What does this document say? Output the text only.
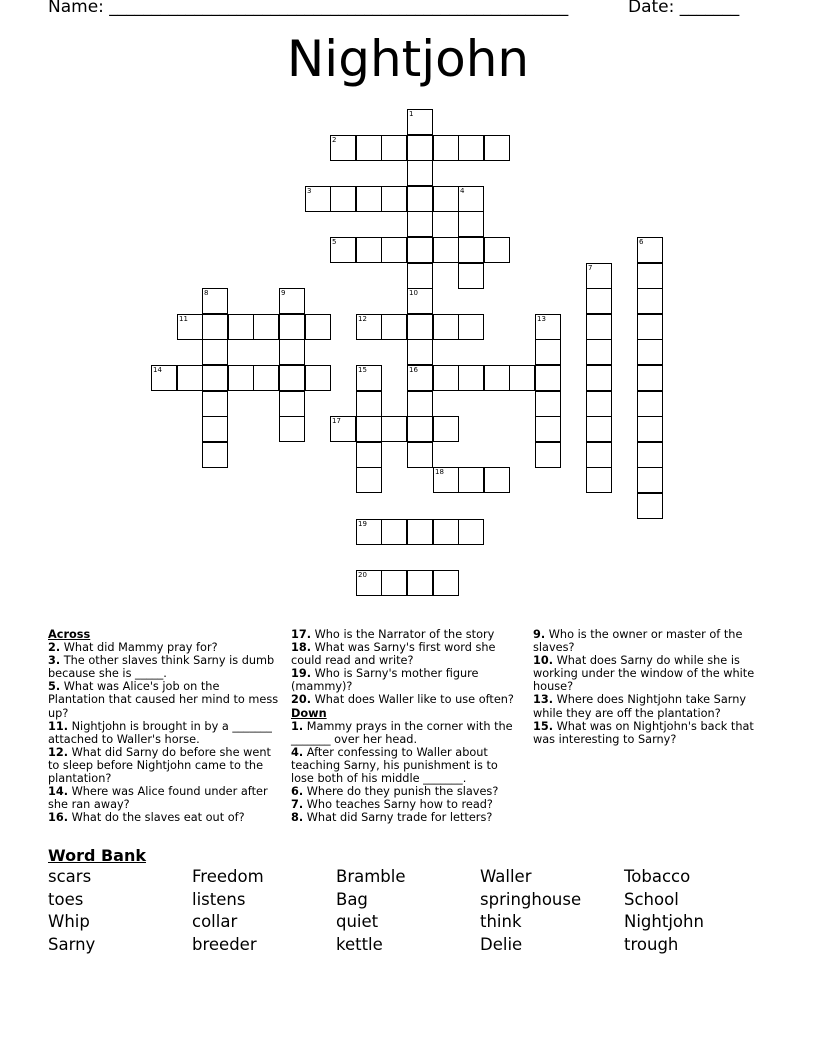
Name: ______________________________________________________	Date: _______
Nightjohn
1
10
16
2
3	4
5	6
7
8	9
11	12	13
14	15
17
18
19
20
Across
2. What did Mammy pray for?
3. The other slaves think Sarny is dumb because she is _____.
5. What was Alice's job on the Plantation that caused her mind to mess up?
11. Nightjohn is brought in by a _______ attached to Waller's horse.
12. What did Sarny do before she went to sleep before Nightjohn came to the plantation?
14. Where was Alice found under after she ran away?
16. What do the slaves eat out of?
17. Who is the Narrator of the story
18. What was Sarny's first word she could read and write?
19. Who is Sarny's mother figure (mammy)?
20. What does Waller like to use often?
Down
1. Mammy prays in the corner with the _______ over her head.
4. After confessing to Waller about teaching Sarny, his punishment is to lose both of his middle _______.
6. Where do they punish the slaves?
7. Who teaches Sarny how to read?
8. What did Sarny trade for letters?
9. Who is the owner or master of the slaves?
10. What does Sarny do while she is working under the window of the white house?
13. Where does Nightjohn take Sarny while they are off the plantation?
15. What was on Nightjohn's back that was interesting to Sarny?
Word Bank
scars	Freedom	Bramble	Waller	Tobacco
toes	listens	Bag	springhouse	School
Whip	collar	quiet	think	Nightjohn
Sarny	breeder	kettle	Delie	trough
